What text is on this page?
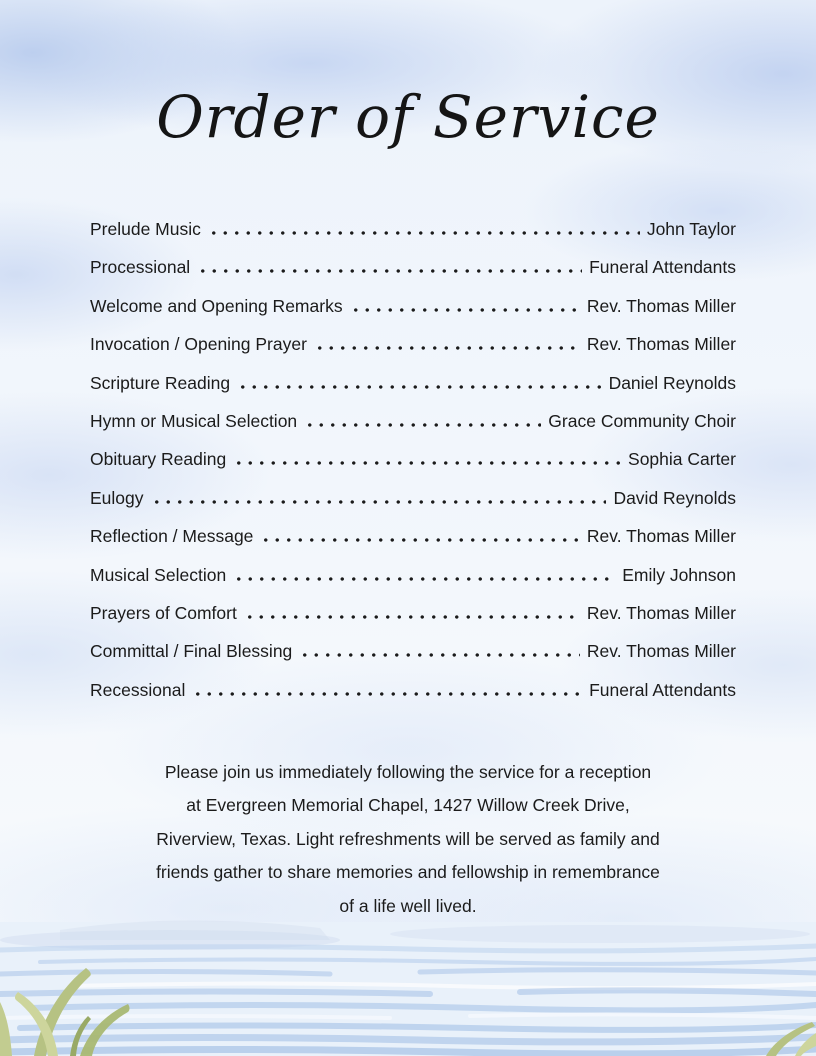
Order of Service
Prelude Music	John Taylor
Processional	Funeral Attendants
Welcome and Opening Remarks	Rev. Thomas Miller
Invocation / Opening Prayer	Rev. Thomas Miller
Scripture Reading	Daniel Reynolds
Hymn or Musical Selection	Grace Community Choir
Obituary Reading	Sophia Carter
Eulogy	David Reynolds
Reflection / Message	Rev. Thomas Miller
Musical Selection	Emily Johnson
Prayers of Comfort	Rev. Thomas Miller
Committal / Final Blessing	Rev. Thomas Miller
Recessional	Funeral Attendants
Please join us immediately following the service for a reception
at Evergreen Memorial Chapel, 1427 Willow Creek Drive,
Riverview, Texas. Light refreshments will be served as family and
friends gather to share memories and fellowship in remembrance
of a life well lived.
